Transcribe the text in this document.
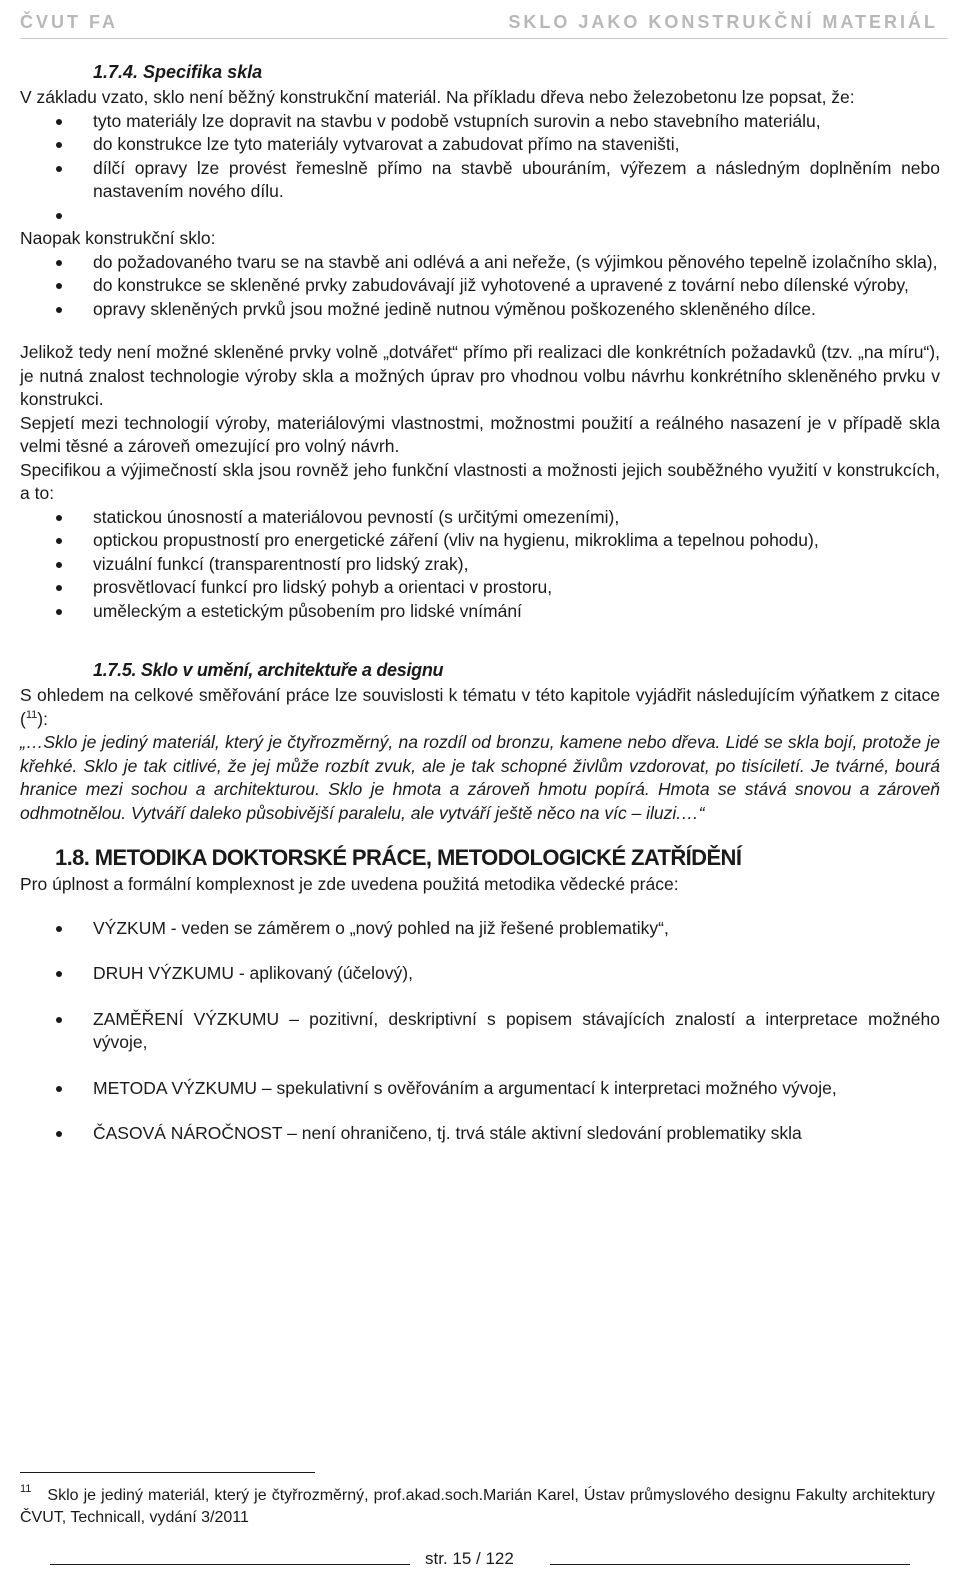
ČVUT FA	SKLO JAKO KONSTRUKČNÍ MATERIÁL
1.7.4. Specifika skla

V základu vzato, sklo není běžný konstrukční materiál. Na příkladu dřeva nebo železobetonu lze popsat, že:

tyto materiály lze dopravit na stavbu v podobě vstupních surovin a nebo stavebního materiálu,
do konstrukce lze tyto materiály vytvarovat a zabudovat přímo na staveništi,
dílčí opravy lze provést řemeslně přímo na stavbě ubouráním, výřezem a následným doplněním nebo nastavením nového dílu.

Naopak konstrukční sklo:

do požadovaného tvaru se na stavbě ani odlévá a ani neřeže, (s výjimkou pěnového tepelně izolačního skla),
do konstrukce se skleněné prvky zabudovávají již vyhotovené a upravené z tovární nebo dílenské výroby,
opravy skleněných prvků jsou možné jedině nutnou výměnou poškozeného skleněného dílce.

Jelikož tedy není možné skleněné prvky volně „dotvářet“ přímo při realizaci dle konkrétních požadavků (tzv. „na míru“), je nutná znalost technologie výroby skla a možných úprav pro vhodnou volbu návrhu konkrétního skleněného prvku v konstrukci.

Sepjetí mezi technologií výroby, materiálovými vlastnostmi, možnostmi použití a reálného nasazení je v případě skla velmi těsné a zároveň omezující pro volný návrh.

Specifikou a výjimečností skla jsou rovněž jeho funkční vlastnosti a možnosti jejich souběžného využití v konstrukcích, a to:

statickou únosností a materiálovou pevností (s určitými omezeními),
optickou propustností pro energetické záření (vliv na hygienu, mikroklima a tepelnou pohodu),
vizuální funkcí (transparentností pro lidský zrak),
prosvětlovací funkcí pro lidský pohyb a orientaci v prostoru,
uměleckým a estetickým působením pro lidské vnímání
1.7.5. Sklo v umění, architektuře a designu

S ohledem na celkové směřování práce lze souvislosti k tématu v této kapitole vyjádřit následujícím výňatkem z citace ($^{11}$):

„…Sklo je jediný materiál, který je čtyřrozměrný, na rozdíl od bronzu, kamene nebo dřeva. Lidé se skla bojí, protože je křehké. Sklo je tak citlivé, že jej může rozbít zvuk, ale je tak schopné živlům vzdorovat, po tisíciletí. Je tvárné, bourá hranice mezi sochou a architekturou. Sklo je hmota a zároveň hmotu popírá. Hmota se stává snovou a zároveň odhmotnělou. Vytváří daleko působivější paralelu, ale vytváří ještě něco na víc – iluzi.…“

1.8. METODIKA DOKTORSKÉ PRÁCE, METODOLOGICKÉ ZATŘÍDĚNÍ

Pro úplnost a formální komplexnost je zde uvedena použitá metodika vědecké práce:

VÝZKUM - veden se záměrem o „nový pohled na již řešené problematiky“,
DRUH VÝZKUMU - aplikovaný (účelový),
ZAMĚŘENÍ VÝZKUMU – pozitivní, deskriptivní s popisem stávajících znalostí a interpretace možného vývoje,
METODA VÝZKUMU – spekulativní s ověřováním a argumentací k interpretaci možného vývoje,
ČASOVÁ NÁROČNOST – není ohraničeno, tj. trvá stále aktivní sledování problematiky skla

$^{11}$ Sklo je jediný materiál, který je čtyřrozměrný, prof.akad.soch.Marián Karel, Ústav průmyslového designu Fakulty architektury ČVUT, Technicall, vydání 3/2011

str. 15 / 122
